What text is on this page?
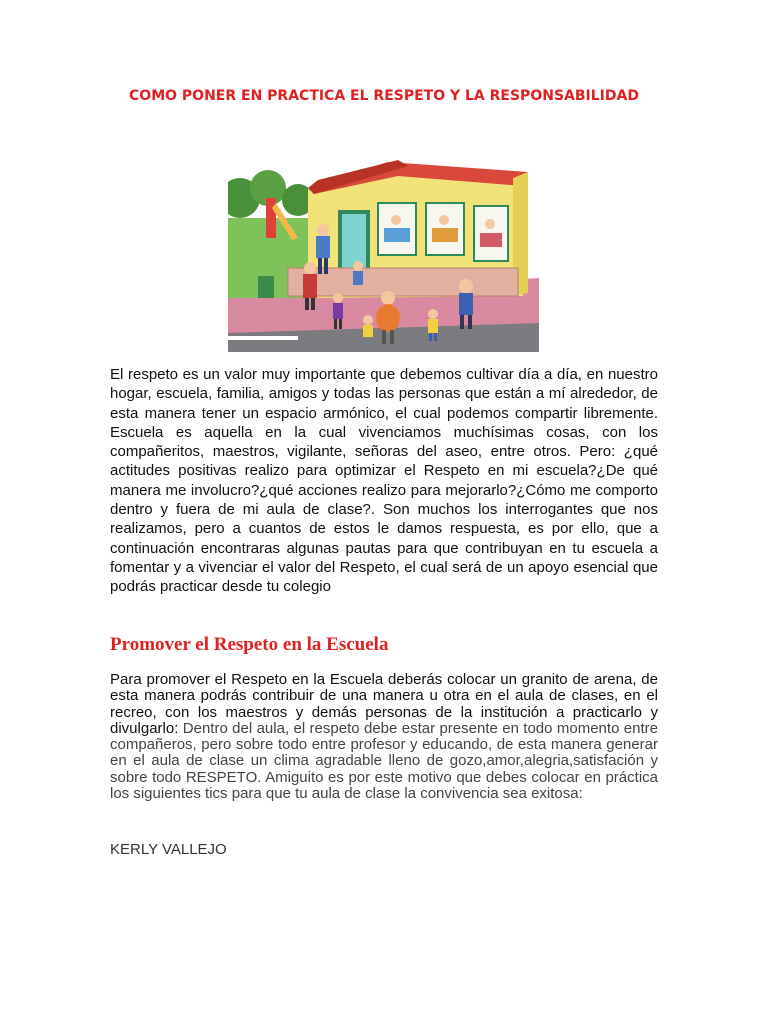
COMO PONER EN PRACTICA EL RESPETO Y LA RESPONSABILIDAD

El respeto es un valor muy importante que debemos cultivar día a día, en nuestro hogar, escuela, familia, amigos y todas las personas que están a mí alrededor, de esta manera tener un espacio armónico, el cual podemos compartir libremente. Escuela es aquella en la cual vivenciamos muchísimas cosas, con los compañeritos, maestros, vigilante, señoras del aseo, entre otros. Pero: ¿qué actitudes positivas realizo para optimizar el Respeto en mi escuela?¿De qué manera me involucro?¿qué acciones realizo para mejorarlo?¿Cómo me comporto dentro y fuera de mi aula de clase?. Son muchos los interrogantes que nos realizamos, pero a cuantos de estos le damos respuesta, es por ello, que a continuación encontraras algunas pautas para que contribuyan en tu escuela a fomentar y a vivenciar el valor del Respeto, el cual será de un apoyo esencial que podrás practicar desde tu colegio

Promover el Respeto en la Escuela

Para promover el Respeto en la Escuela deberás colocar un granito de arena, de esta manera podrás contribuir de una manera u otra en el aula de clases, en el recreo, con los maestros y demás personas de la institución a practicarlo y divulgarlo: Dentro del aula, el respeto debe estar presente en todo momento entre compañeros, pero sobre todo entre profesor y educando, de esta manera generar en el aula de clase un clima agradable lleno de gozo,amor,alegria,satisfación y sobre todo RESPETO. Amiguito es por este motivo que debes colocar en práctica los siguientes tics para que tu aula de clase la convivencia sea exitosa:

KERLY VALLEJO
